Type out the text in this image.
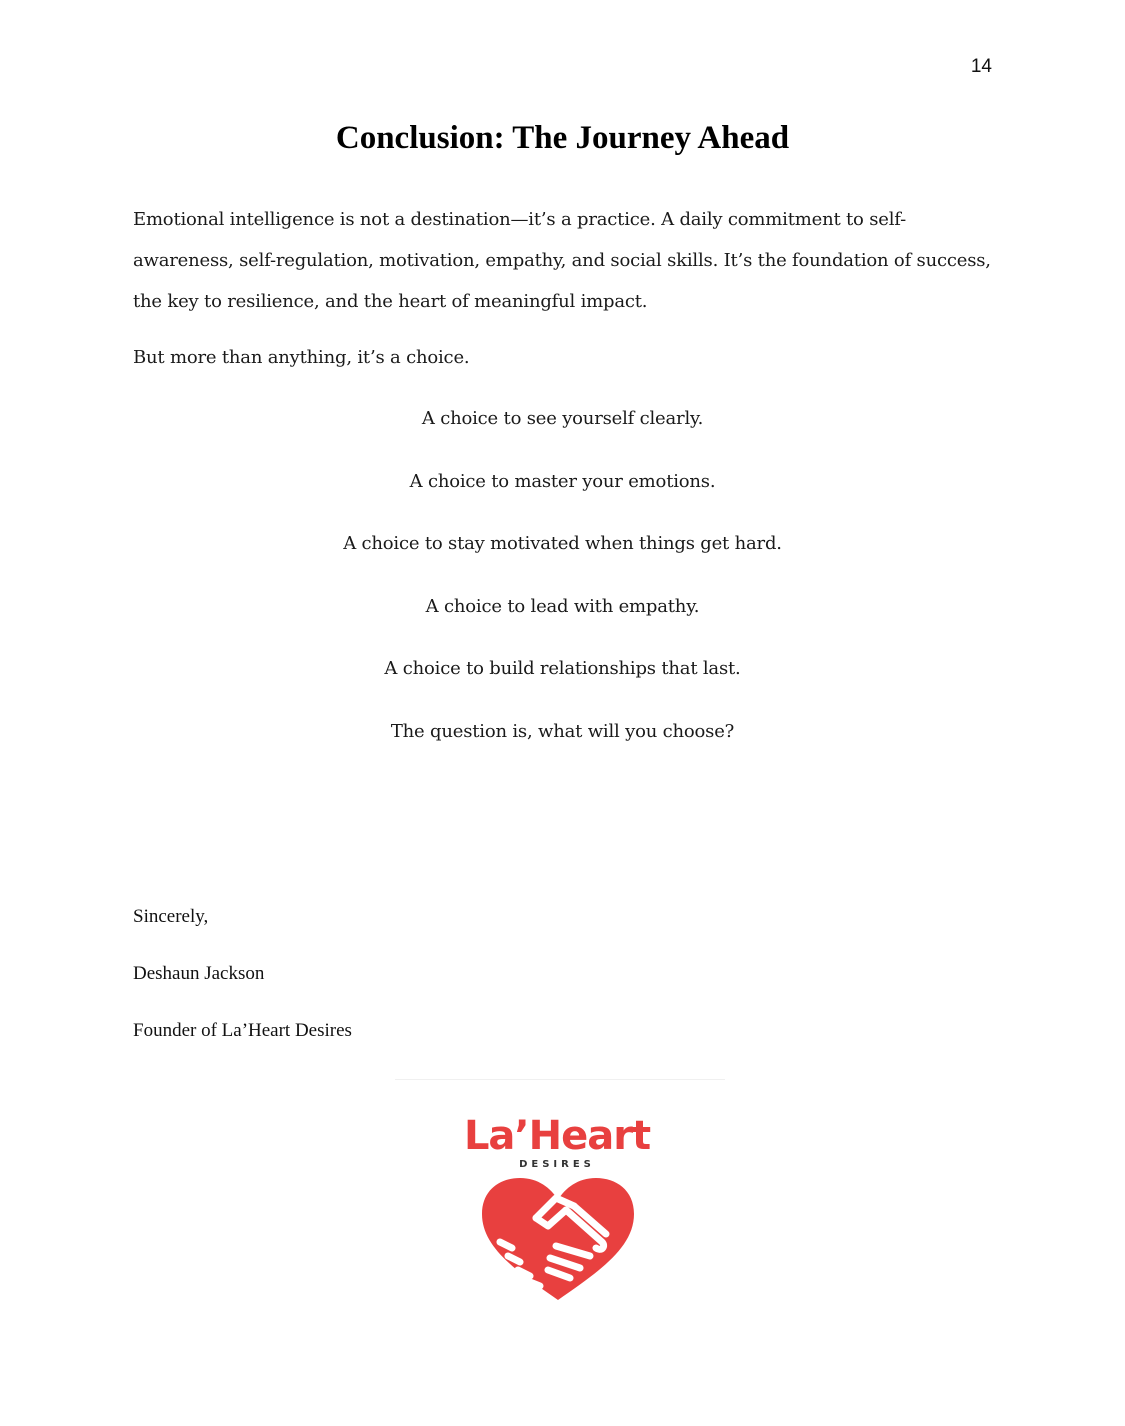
14
Conclusion: The Journey Ahead

Emotional intelligence is not a destination—it’s a practice. A daily commitment to self-awareness, self-regulation, motivation, empathy, and social skills. It’s the foundation of success, the key to resilience, and the heart of meaningful impact.

But more than anything, it’s a choice.

A choice to see yourself clearly.
A choice to master your emotions.
A choice to stay motivated when things get hard.
A choice to lead with empathy.
A choice to build relationships that last.
The question is, what will you choose?

Sincerely,

Deshaun Jackson

Founder of La’Heart Desires

La’Heart
DESIRES
